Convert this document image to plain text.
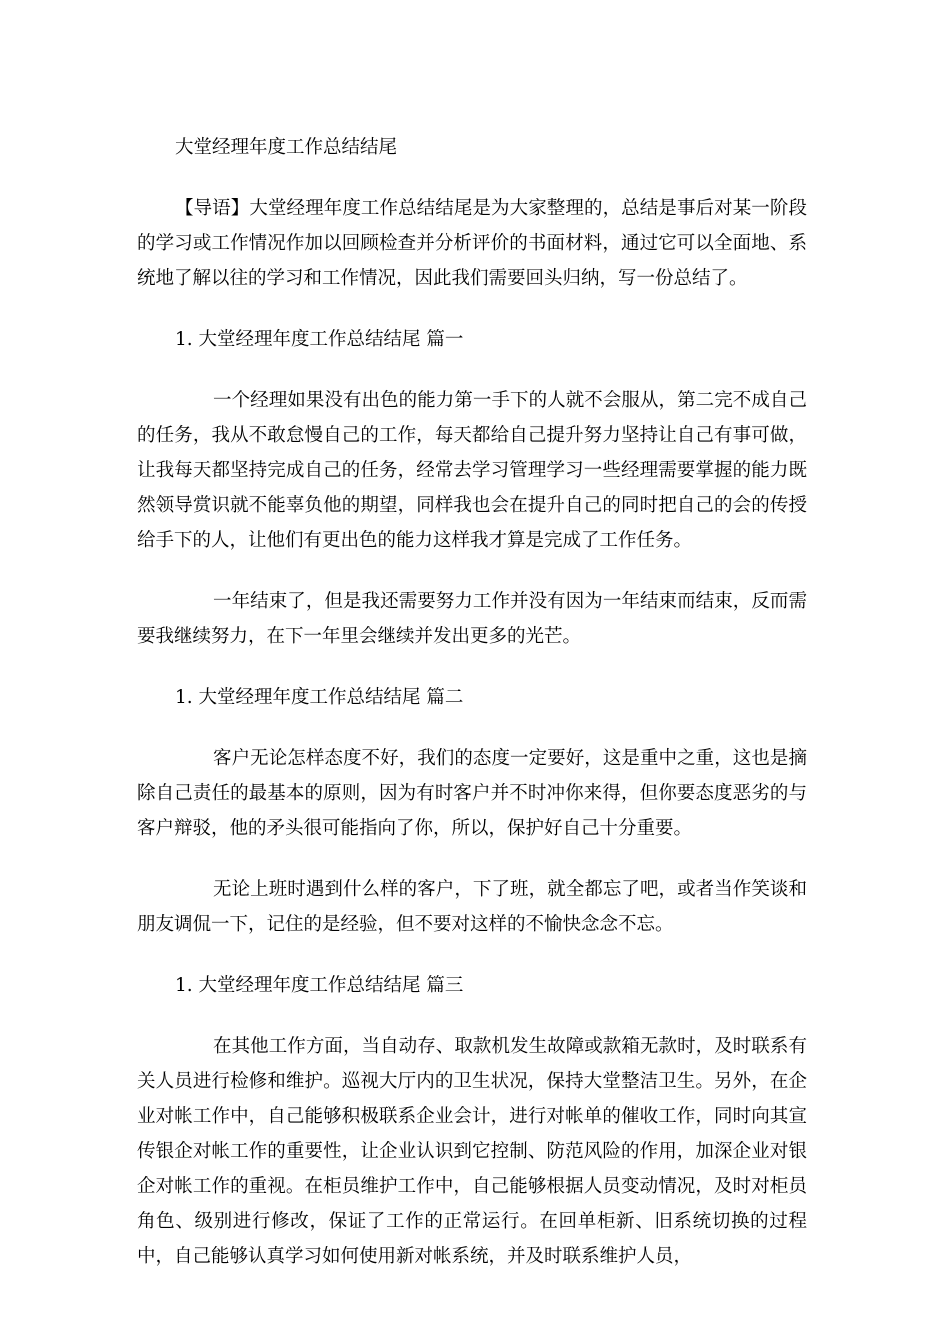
大堂经理年度工作总结结尾

【导语】大堂经理年度工作总结结尾是为大家整理的，总结是事后对某一阶段的学习或工作情况作加以回顾检查并分析评价的书面材料，通过它可以全面地、系统地了解以往的学习和工作情况，因此我们需要回头归纳，写一份总结了。

1. 大堂经理年度工作总结结尾 篇一

一个经理如果没有出色的能力第一手下的人就不会服从，第二完不成自己的任务，我从不敢怠慢自己的工作，每天都给自己提升努力坚持让自己有事可做，让我每天都坚持完成自己的任务，经常去学习管理学习一些经理需要掌握的能力既然领导赏识就不能辜负他的期望，同样我也会在提升自己的同时把自己的会的传授给手下的人，让他们有更出色的能力这样我才算是完成了工作任务。

一年结束了，但是我还需要努力工作并没有因为一年结束而结束，反而需要我继续努力，在下一年里会继续并发出更多的光芒。

1. 大堂经理年度工作总结结尾 篇二

客户无论怎样态度不好，我们的态度一定要好，这是重中之重，这也是摘除自己责任的最基本的原则，因为有时客户并不时冲你来得，但你要态度恶劣的与客户辩驳，他的矛头很可能指向了你，所以，保护好自己十分重要。

无论上班时遇到什么样的客户，下了班，就全都忘了吧，或者当作笑谈和朋友调侃一下，记住的是经验，但不要对这样的不愉快念念不忘。

1. 大堂经理年度工作总结结尾 篇三

在其他工作方面，当自动存、取款机发生故障或款箱无款时，及时联系有关人员进行检修和维护。巡视大厅内的卫生状况，保持大堂整洁卫生。另外，在企业对帐工作中，自己能够积极联系企业会计，进行对帐单的催收工作，同时向其宣传银企对帐工作的重要性，让企业认识到它控制、防范风险的作用，加深企业对银企对帐工作的重视。在柜员维护工作中，自己能够根据人员变动情况，及时对柜员角色、级别进行修改，保证了工作的正常运行。在回单柜新、旧系统切换的过程中，自己能够认真学习如何使用新对帐系统，并及时联系维护人员，
